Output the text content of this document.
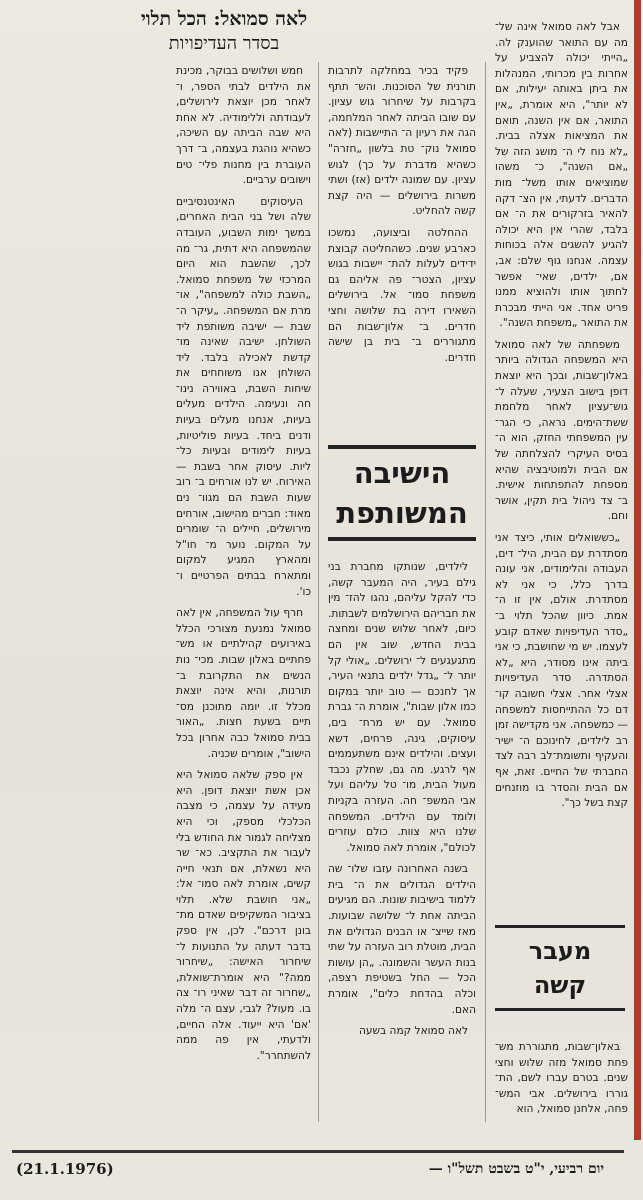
לאה סמואל: הכל תלוי
בסדר העדיפויות

אבל לאה סמואל אינה של־ מה עם התואר שהוענק לה. „הייתי יכולה להצביע על אחרות בין מכרותי, המנהלות את ביתן באותה יעילות, אם לא יותר", היא אומרת, „אין התואר, אם אין השנה, תואם את המציאות אצלה בבית. „לא נוח לי ה־ מושג הזה של „אם השנה", כ־ משהו שמוציאים אותו משל־ מות הדברים. לדעתי, אין הצ־ דקה להאיר בזרקורים את ה־ אם בלבד, שהרי אין היא יכולה להגיע להשגים אלה בכוחות עצמה. אנחנו גוף שלם: אב, אם, ילדים, שאי־ אפשר לחתוך אותו ולהוציא ממנו פריט אחד. אני הייתי מבכרת את התואר „משפחת השנה".

משפחתה של לאה סמואל היא המשפחה הגדולה ביותר באלון־שבות, ובכך היא יוצאת דופן בישוב הצעיר, שעלה ל־ גוש־עציון לאחר מלחמת ששת־הימים. נראה, כי הגר־ עין המשפחתי החזק, הוא ה־ בסיס העיקרי להצלחתה של אם הבית ולמוטיבציה שהיא מספחת להתפתחות אישית. ב־ צד ניהול בית תקין, אושר וחם.

„כששואלים אותי, כיצד אני מסתדרת עם הבית, היל־ דים, העבודה והלימודים, אני עונה בדרך כלל, כי אני לא מסתדרת. אולם, אין זו ה־ אמת. כיוון שהכל תלוי ב־ „סדר העדיפויות שאדם קובע לעצמו. יש מי שחושבת, כי אני ביתה אינו מסודר, היא „לא הסתדרה. סדר העדיפויות אצלי אחר. אצלי חשובה קו־ דם כל ההתייחסות למשפחה — כמשפחה. אני מקדישה זמן רב לילדים, לחינוכם ה־ ישיר והעקיף ותשומת־לב רבה לצד החברתי של החיים. זאת, אף אם הבית והסדר בו מוזנחים קצת בשל כך".

מעבר
קשה

באלון־שבות, מתגוררת מש־ פחת סמואל מזה שלוש וחצי שנים. בטרם עברו לשם, הת־ גוררו בירושלים. אבי המש־ פחה, אלחנן סמואל, הוא

פקיד בכיר במחלקה לתרבות תורנית של הסוכנות. והש־ תתף בקרבות על שיחרור גוש עציון. עם שובו הביתה לאחר המלחמה, הגה את רעיון ה־ התיישבות (לאה סמואל נוק־ טת בלשון „חזרה" כשהיא מדברת על כך) לגוש עציון. עם שמונה ילדים (אז) ושתי משרות בירושלים — היה קצת קשה להחליט.

ההחלטה וביצועה, נמשכו כארבע שנים. כשהחליטה קבוצת ידידים לעלות להת־ יישבות בגוש עציון, הצטר־ פה אליהם גם משפחת סמו־ אל. בירושלים השאירו דירה בת שלושה וחצי חדרים. ב־ אלון־שבות הם מתגוררים ב־ בית בן שישה חדרים.

הישיבה
המשותפת

לילדים, שנותקו מחברת בני גילם בעיר, היה המעבר קשה, כדי להקל עליהם, נהגו להז־ מין את חבריהם הירושלמים לשבתות. כיום, לאחר שלוש שנים ומחצה בבית החדש, שוב אין הם מתגעגעים ל־ ירושלים. „אולי קל יותר ל־ „גדל ילדים בתנאי העיר, אך לחנכם — טוב יותר במקום כמו אלון שבות", אומרת ה־ גברת סמואל. עם יש מרח־ בים, עיסוקים, גינה, פרחים, דשא ועצים. והילדים אינם משתעממים אף לרגע. מה גם, שחלק נכבד מעול הבית, מו־ טל עליהם ועל אבי המשפ־ חה. העזרה בקניות ולומד עם הילדים. המשפחה שלנו היא צוות. כולם עוזרים לכולם", אומרת לאה סמואל.

בשנה האחרונה עזבו שלו־ שה הילדים הגדולים את ה־ בית ללמוד בישיבות שונות. הם מגיעים הביתה אחת ל־ שלושה שבועות. מאז שייצ־ או הבנים הגדולים את הבית, מוטלת רוב העזרה על שתי בנות העשר והשמונה. „הן עושות הכל — החל בשטיפת רצפה, וכלה בהדחת כלים", אומרת האם.

לאה סמואל קמה בשעה

חמש ושלושים בבוקר, מכינת את הילדים לבתי הספר, ו־ לאחר מכן יוצאת לירושלים, לעבודתה וללימודיה. לא אחת היא שבה הביתה עם השיכה, כשהיא נוהגת בעצמה, ב־ דרך העוברת בין מחנות פלי־ טים וישובים ערביים.

העיסוקים האינטנסיביים שלה ושל בני הבית האחרים, במשך ימות השבוע, העובדה שהמשפחה היא דתית, גר־ מה לכך, שהשבת הוא היום המרכזי של משפחת סמואל. „השבת כולה למשפחה", או־ מרת אם המשפחה. „עיקר ה־ שבת — ישיבה משותפת ליד השולחן. ישיבה שאינה מו־ קדשת לאכילה בלבד. ליד השולחן אנו משוחחים את שיחות השבת, באווירה נינו־ חה ונעימה. הילדים מעלים בעיות, אנחנו מעלים בעיות ודנים ביחד. בעיות פוליטיות, בעיות לימודים ובעיות כל־ ליות. עיסוק אחר בשבת — האירוח. יש לנו אורחים ב־ רוב שעות השבת הם מגוו־ נים מאוד: חברים מהישוב, אורחים מירושלים, חיילים ה־ שומרים על המקום. נוער מ־ חו"ל ומהארץ המגיע למקום ומתארח בבתים הפרטיים ו־ כו'.

חרף עול המשפחה, אין לאה סמואל נמנעת מצורכי הכלל באירועים קהילתיים או מש־ פחתיים באלון שבות. מכי־ נות הנשים את התקרובת ב־ תורנות, והיא אינה יוצאת מכלל זו. יומה מתוכנן מס־ תיים בשעת חצות. „האור בבית סמואל כבה אחרון בכל הישוב", אומרים שכניה.

אין ספק שלאה סמואל היא אכן אשת יוצאת דופן. היא מעידה על עצמה, כי מצבה הכלכלי מספק, וכי היא מצליחה לגמור את החודש בלי לעבור את התקציב. כא־ שר היא נשאלת, אם תנאי חייה קשים, אומרת לאה סמו־ אל: „אני חושבת שלא. תלוי בציבור המשקיפים שאדם מת־ בונן דרכם". לכן, אין ספק בדבר דעתה על התנועות ל־ שיחרור האישה: „שיחרור ממה?" היא אומרת־שואלת, „שחרור זה דבר שאיני רו־ צה בו. מעול? לגבי, עצם ה־ מלה 'אם' היא ייעוד. אלה החיים, ולדעתי, אין פה ממה להשתחרר".

יום רביעי, י"ט בשבט תשל"ו —
(21.1.1976)
